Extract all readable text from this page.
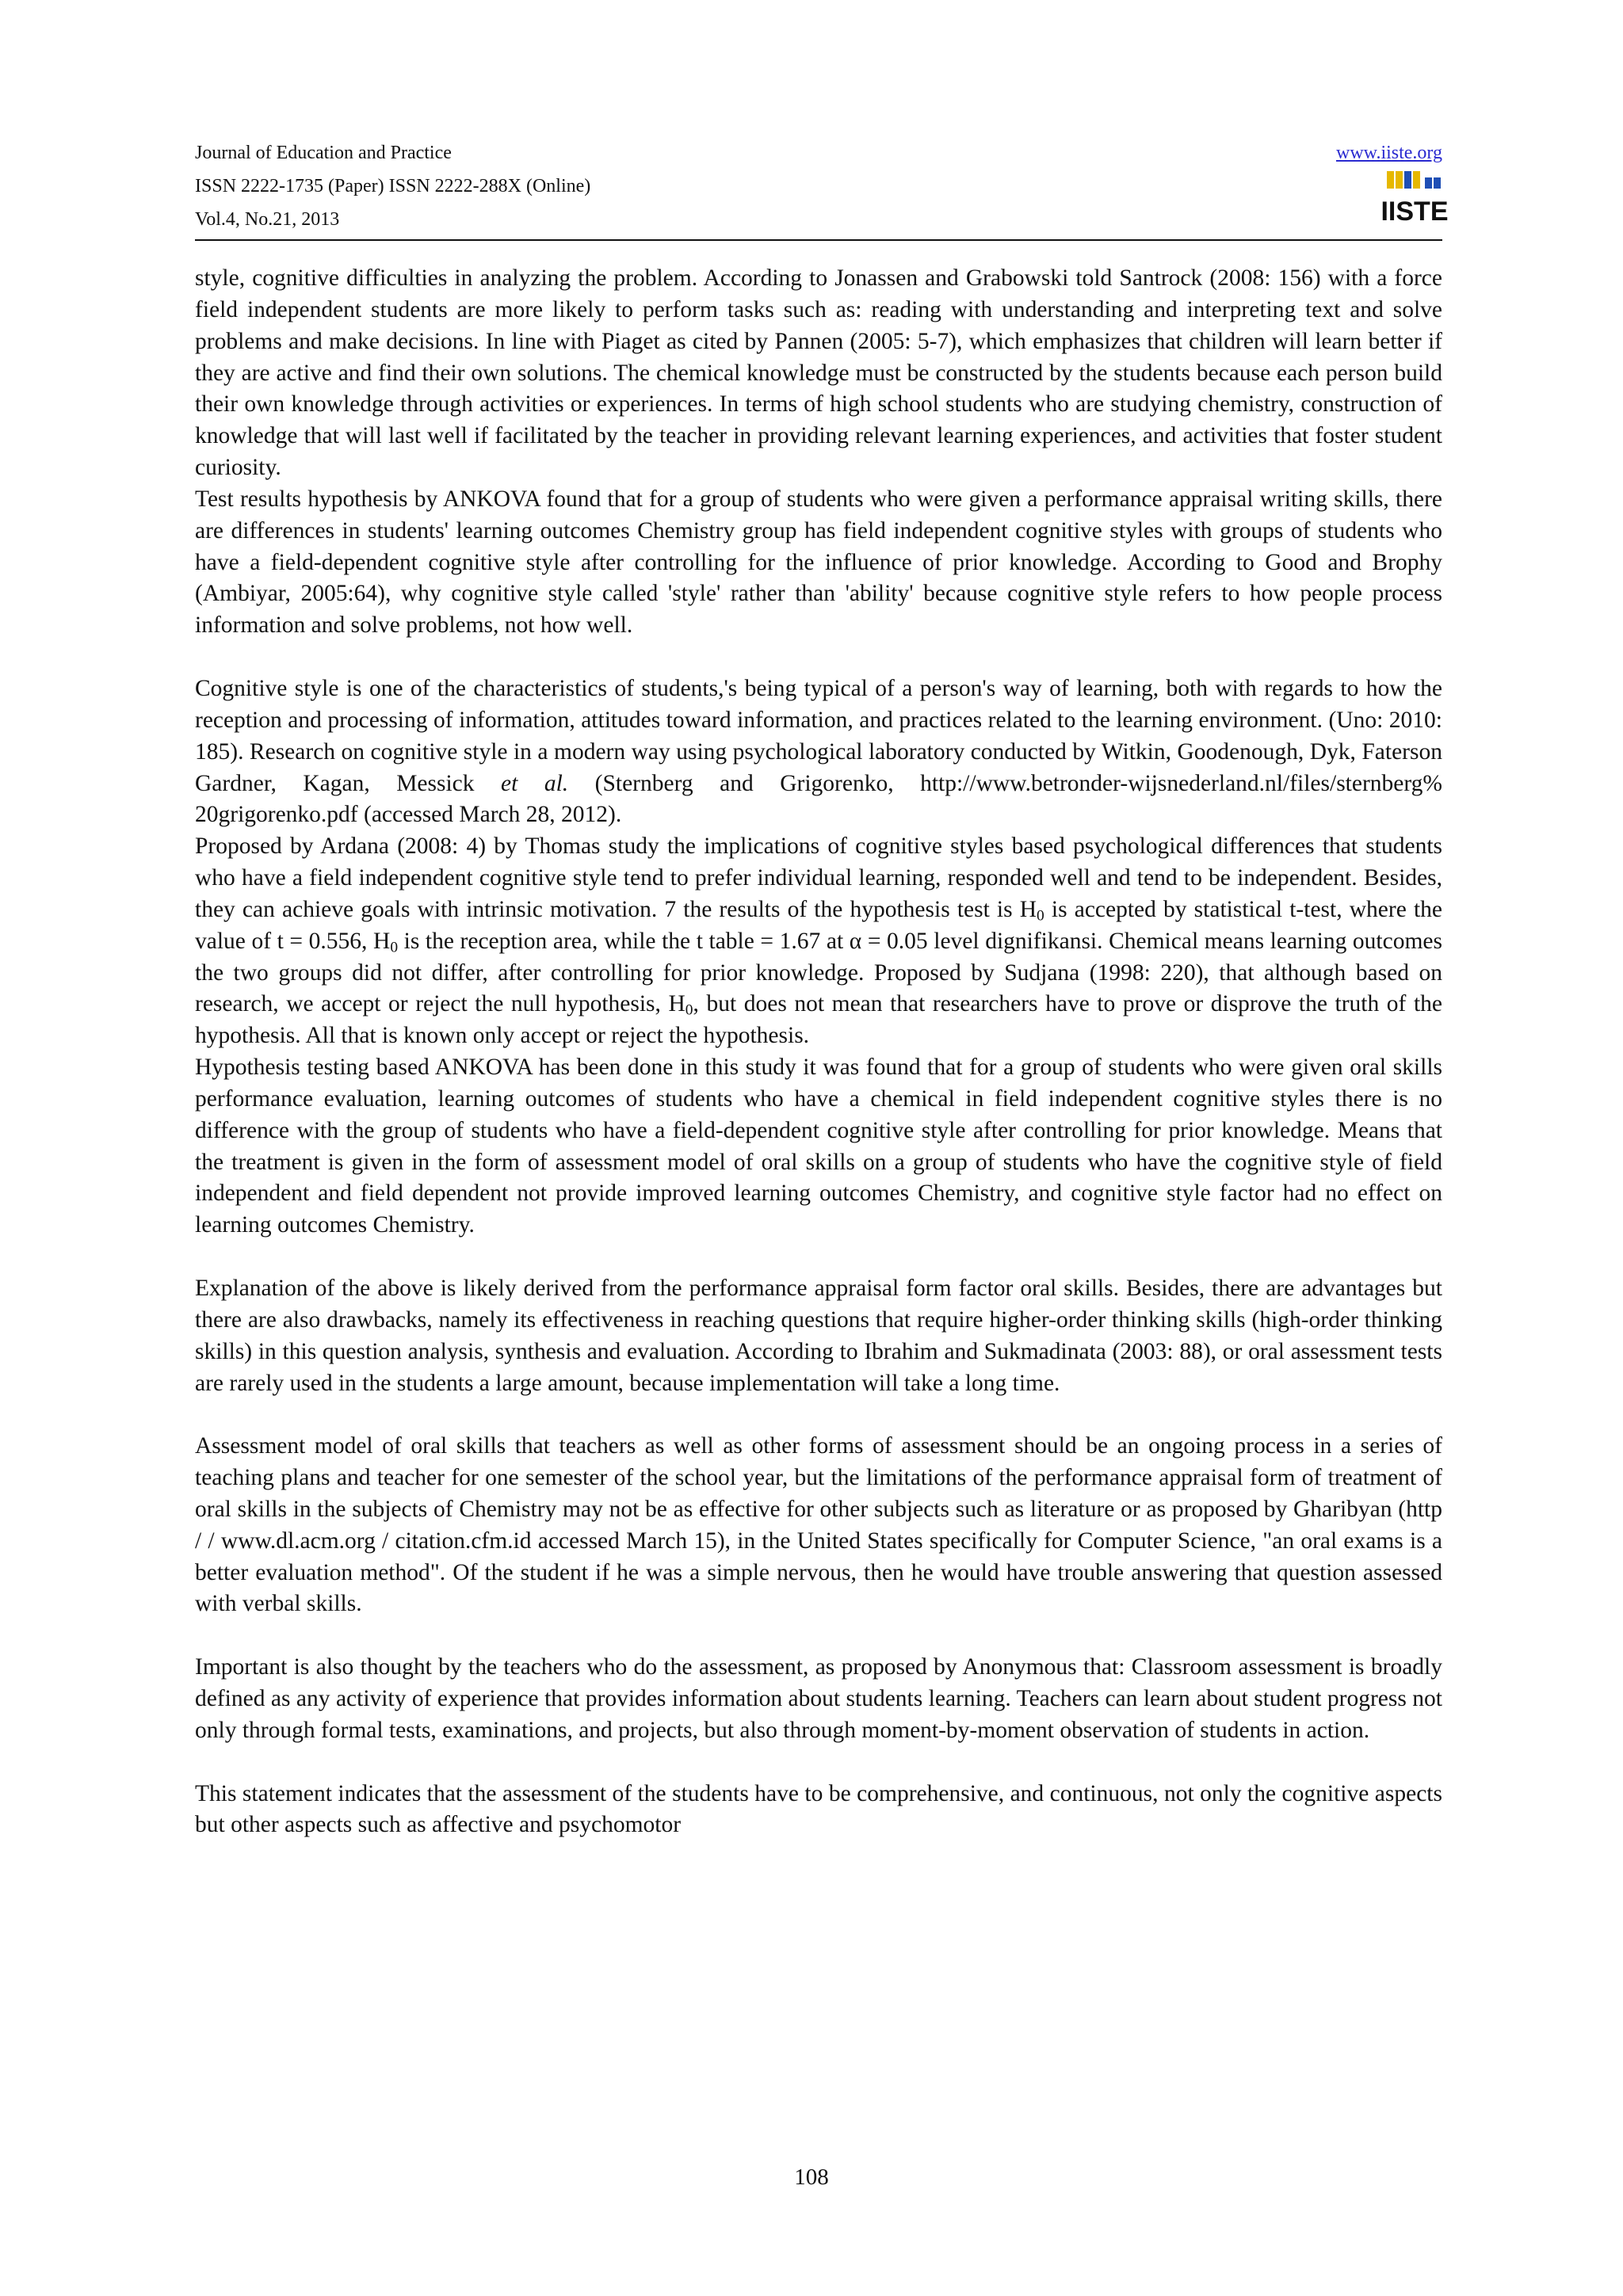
Journal of Education and Practice
ISSN 2222-1735 (Paper) ISSN 2222-288X (Online)
Vol.4, No.21, 2013
www.iiste.org
IISTE

style, cognitive difficulties in analyzing the problem. According to Jonassen and Grabowski told Santrock (2008: 156) with a force field independent students are more likely to perform tasks such as: reading with understanding and interpreting text and solve problems and make decisions. In line with Piaget as cited by Pannen (2005: 5-7), which emphasizes that children will learn better if they are active and find their own solutions. The chemical knowledge must be constructed by the students because each person build their own knowledge through activities or experiences. In terms of high school students who are studying chemistry, construction of knowledge that will last well if facilitated by the teacher in providing relevant learning experiences, and activities that foster student curiosity.

Test results hypothesis by ANKOVA found that for a group of students who were given a performance appraisal writing skills, there are differences in students' learning outcomes Chemistry group has field independent cognitive styles with groups of students who have a field-dependent cognitive style after controlling for the influence of prior knowledge. According to Good and Brophy (Ambiyar, 2005:64), why cognitive style called 'style' rather than 'ability' because cognitive style refers to how people process information and solve problems, not how well.

Cognitive style is one of the characteristics of students,'s being typical of a person's way of learning, both with regards to how the reception and processing of information, attitudes toward information, and practices related to the learning environment. (Uno: 2010: 185). Research on cognitive style in a modern way using psychological laboratory conducted by Witkin, Goodenough, Dyk, Faterson Gardner, Kagan, Messick et al. (Sternberg and Grigorenko, http://www.betronder-wijsnederland.nl/files/sternberg% 20grigorenko.pdf (accessed March 28, 2012).

Proposed by Ardana (2008: 4) by Thomas study the implications of cognitive styles based psychological differences that students who have a field independent cognitive style tend to prefer individual learning, responded well and tend to be independent. Besides, they can achieve goals with intrinsic motivation. 7 the results of the hypothesis test is $H_0$ is accepted by statistical t-test, where the value of t = 0.556, $H_0$ is the reception area, while the t table = 1.67 at α = 0.05 level dignifikansi. Chemical means learning outcomes the two groups did not differ, after controlling for prior knowledge. Proposed by Sudjana (1998: 220), that although based on research, we accept or reject the null hypothesis, $H_0$, but does not mean that researchers have to prove or disprove the truth of the hypothesis. All that is known only accept or reject the hypothesis.

Hypothesis testing based ANKOVA has been done in this study it was found that for a group of students who were given oral skills performance evaluation, learning outcomes of students who have a chemical in field independent cognitive styles there is no difference with the group of students who have a field-dependent cognitive style after controlling for prior knowledge. Means that the treatment is given in the form of assessment model of oral skills on a group of students who have the cognitive style of field independent and field dependent not provide improved learning outcomes Chemistry, and cognitive style factor had no effect on learning outcomes Chemistry.

Explanation of the above is likely derived from the performance appraisal form factor oral skills. Besides, there are advantages but there are also drawbacks, namely its effectiveness in reaching questions that require higher-order thinking skills (high-order thinking skills) in this question analysis, synthesis and evaluation. According to Ibrahim and Sukmadinata (2003: 88), or oral assessment tests are rarely used in the students a large amount, because implementation will take a long time.

Assessment model of oral skills that teachers as well as other forms of assessment should be an ongoing process in a series of teaching plans and teacher for one semester of the school year, but the limitations of the performance appraisal form of treatment of oral skills in the subjects of Chemistry may not be as effective for other subjects such as literature or as proposed by Gharibyan (http / / www.dl.acm.org / citation.cfm.id accessed March 15), in the United States specifically for Computer Science, "an oral exams is a better evaluation method". Of the student if he was a simple nervous, then he would have trouble answering that question assessed with verbal skills.

Important is also thought by the teachers who do the assessment, as proposed by Anonymous that: Classroom assessment is broadly defined as any activity of experience that provides information about students learning. Teachers can learn about student progress not only through formal tests, examinations, and projects, but also through moment-by-moment observation of students in action.

This statement indicates that the assessment of the students have to be comprehensive, and continuous, not only the cognitive aspects but other aspects such as affective and psychomotor

108
